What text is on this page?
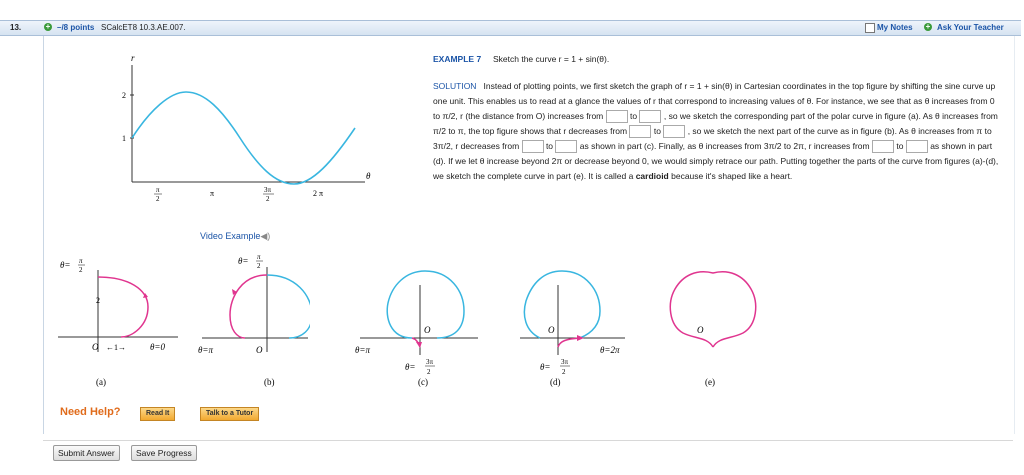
13.	+ –/8 points SCalcET8 10.3.AE.007.	My Notes + Ask Your Teacher
r
2
1
π
2
π	3π
2
2 π
θ
EXAMPLE 7 Sketch the curve r = 1 + sin(θ).
SOLUTION Instead of plotting points, we first sketch the graph of r = 1 + sin(θ) in Cartesian coordinates in the top figure by shifting the sine curve up one unit. This enables us to read at a glance the values of r that correspond to increasing values of θ. For instance, we see that as θ increases from 0 to π/2, r (the distance from O) increases from	to	, so we sketch the corresponding part of the polar curve in figure (a). As θ increases from π/2 to π, the top figure shows that r decreases from	to	, so we sketch the next part of the curve as in figure (b). As θ increases from π to 3π/2, r decreases from	to	as shown in part (c). Finally, as θ increases from 3π/2 to 2π, r increases from	to	as shown in part (d). If we let θ increase beyond 2π or decrease beyond 0, we would simply retrace our path. Putting together the parts of the curve from figures (a)-(d), we sketch the complete curve in part (e). It is called a cardioid because it's shaped like a heart.
Video Example◀)
θ= π
2
2
O ←1→	θ=0
(a)
θ= π
2
θ=π	O
(b)
O
θ=π
θ= 3π
2
(c)
O
θ=2π
θ= 3π
2
(d)
O
(e)
Need Help?	Read It	Talk to a Tutor
Submit Answer	Save Progress
